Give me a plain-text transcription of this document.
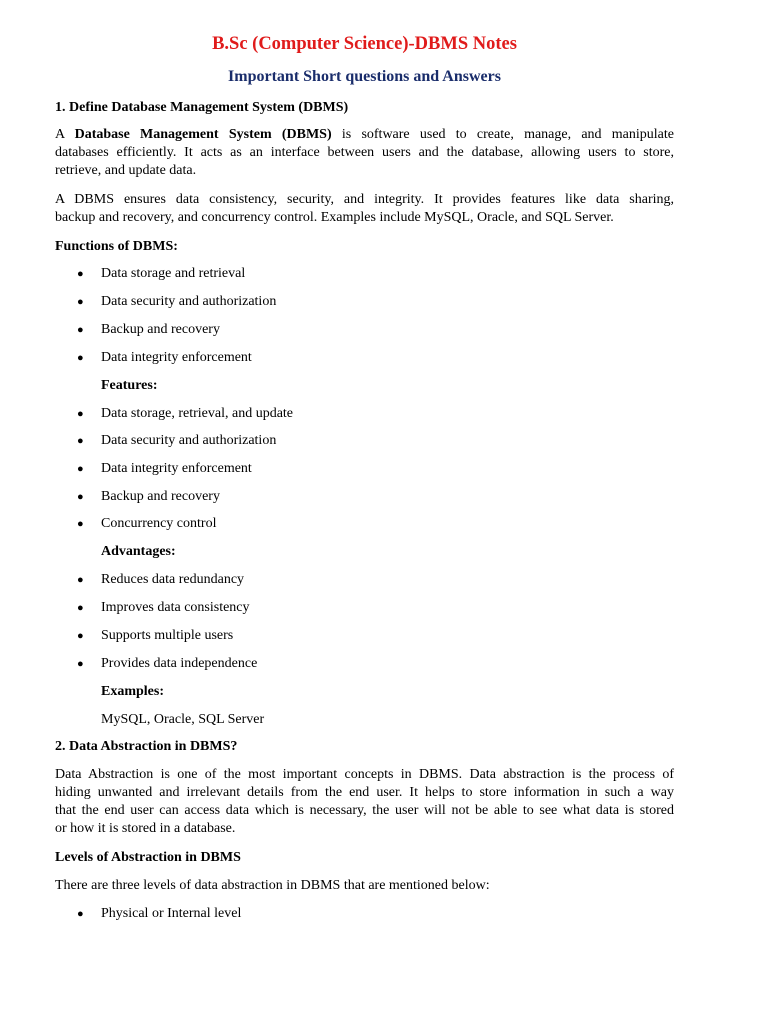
B.Sc (Computer Science)-DBMS Notes
Important Short questions and Answers
1. Define Database Management System (DBMS)
A Database Management System (DBMS) is software used to create, manage, and manipulate
databases efficiently. It acts as an interface between users and the database, allowing users to store,
retrieve, and update data.
A DBMS ensures data consistency, security, and integrity. It provides features like data sharing,
backup and recovery, and concurrency control. Examples include MySQL, Oracle, and SQL Server.
Functions of DBMS:
● Data storage and retrieval
● Data security and authorization
● Backup and recovery
● Data integrity enforcement
Features:
● Data storage, retrieval, and update
● Data security and authorization
● Data integrity enforcement
● Backup and recovery
● Concurrency control
Advantages:
● Reduces data redundancy
● Improves data consistency
● Supports multiple users
● Provides data independence
Examples:
MySQL, Oracle, SQL Server
2. Data Abstraction in DBMS?
Data Abstraction is one of the most important concepts in DBMS. Data abstraction is the process of
hiding unwanted and irrelevant details from the end user. It helps to store information in such a way
that the end user can access data which is necessary, the user will not be able to see what data is stored
or how it is stored in a database.
Levels of Abstraction in DBMS
There are three levels of data abstraction in DBMS that are mentioned below:
● Physical or Internal level
